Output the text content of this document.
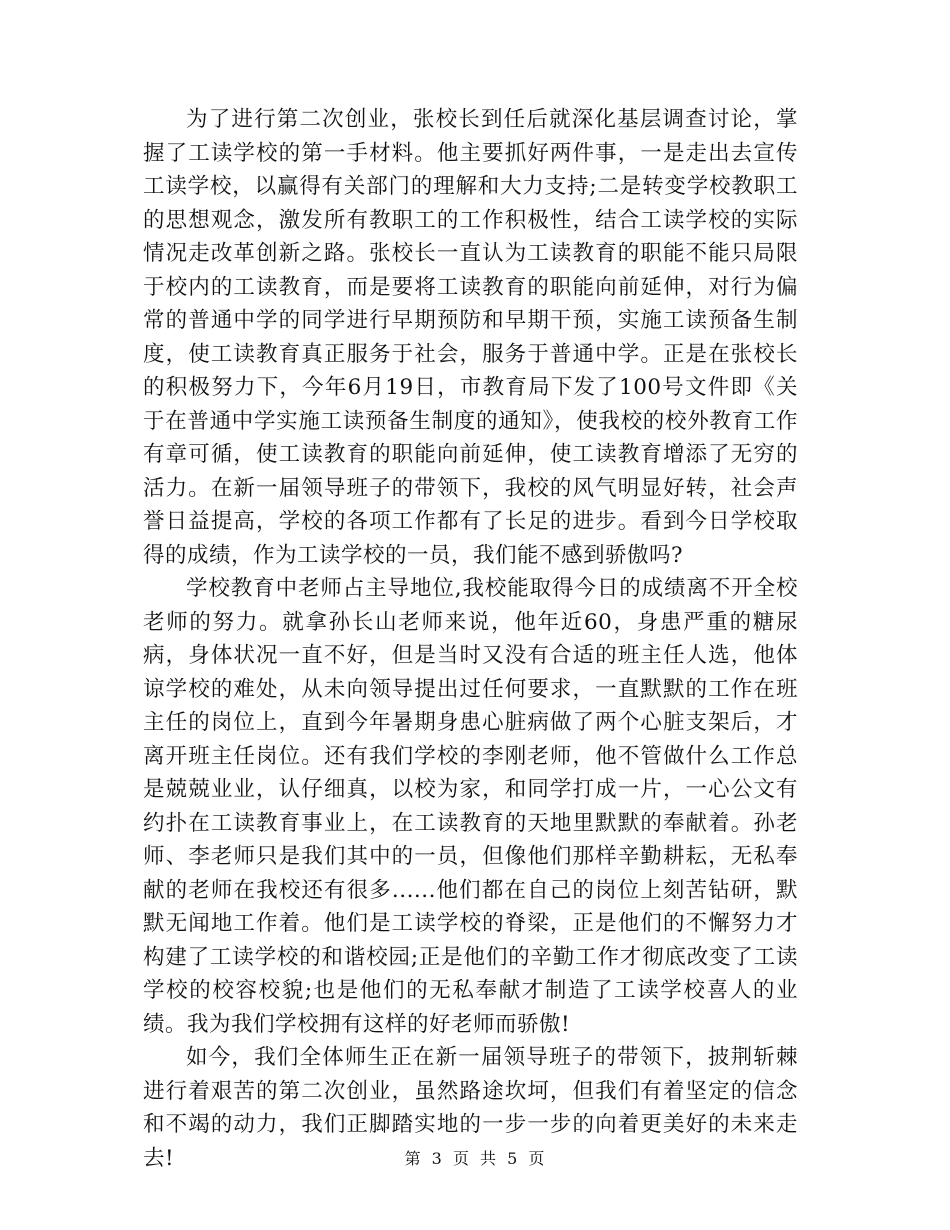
为了进行第二次创业，张校长到任后就深化基层调查讨论，掌握了工读学校的第一手材料。他主要抓好两件事，一是走出去宣传工读学校，以赢得有关部门的理解和大力支持;二是转变学校教职工的思想观念，激发所有教职工的工作积极性，结合工读学校的实际情况走改革创新之路。张校长一直认为工读教育的职能不能只局限于校内的工读教育，而是要将工读教育的职能向前延伸，对行为偏常的普通中学的同学进行早期预防和早期干预，实施工读预备生制度，使工读教育真正服务于社会，服务于普通中学。正是在张校长的积极努力下，今年6月19日，市教育局下发了100号文件即《关于在普通中学实施工读预备生制度的通知》，使我校的校外教育工作有章可循，使工读教育的职能向前延伸，使工读教育增添了无穷的活力。在新一届领导班子的带领下，我校的风气明显好转，社会声誉日益提高，学校的各项工作都有了长足的进步。看到今日学校取得的成绩，作为工读学校的一员，我们能不感到骄傲吗?

学校教育中老师占主导地位,我校能取得今日的成绩离不开全校老师的努力。就拿孙长山老师来说，他年近60，身患严重的糖尿病，身体状况一直不好，但是当时又没有合适的班主任人选，他体谅学校的难处，从未向领导提出过任何要求，一直默默的工作在班主任的岗位上，直到今年暑期身患心脏病做了两个心脏支架后，才离开班主任岗位。还有我们学校的李刚老师，他不管做什么工作总是兢兢业业，认仔细真，以校为家，和同学打成一片，一心公文有约扑在工读教育事业上，在工读教育的天地里默默的奉献着。孙老师、李老师只是我们其中的一员，但像他们那样辛勤耕耘，无私奉献的老师在我校还有很多......他们都在自己的岗位上刻苦钻研，默默无闻地工作着。他们是工读学校的脊梁，正是他们的不懈努力才构建了工读学校的和谐校园;正是他们的辛勤工作才彻底改变了工读学校的校容校貌;也是他们的无私奉献才制造了工读学校喜人的业绩。我为我们学校拥有这样的好老师而骄傲!

如今，我们全体师生正在新一届领导班子的带领下，披荆斩棘进行着艰苦的第二次创业，虽然路途坎坷，但我们有着坚定的信念和不竭的动力，我们正脚踏实地的一步一步的向着更美好的未来走去!	第 3 页 共 5 页
